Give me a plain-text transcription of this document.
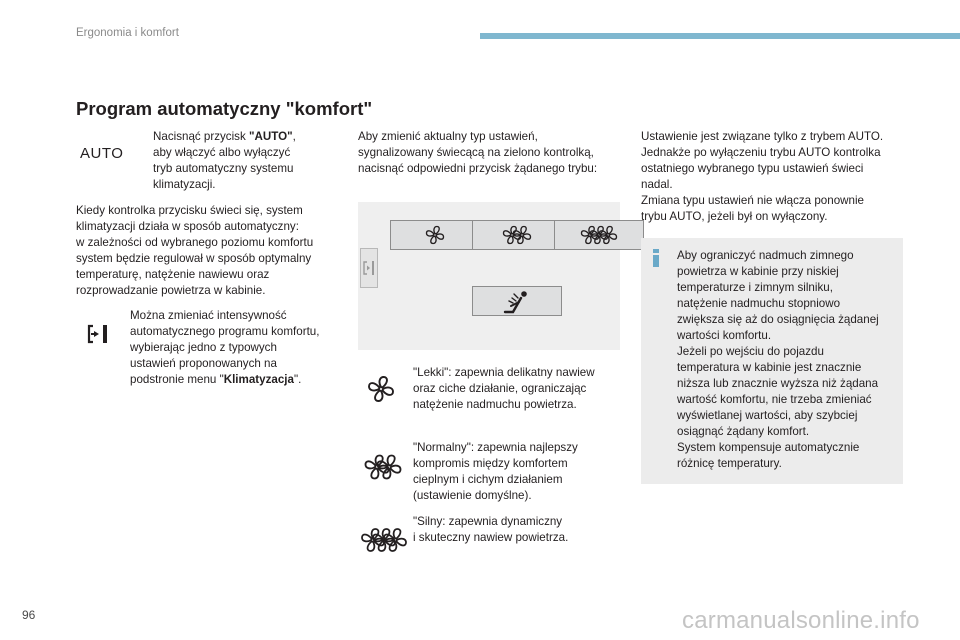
Ergonomia i komfort
Program automatyczny "komfort"
AUTO
Nacisnąć przycisk "AUTO",
aby włączyć albo wyłączyć
tryb automatyczny systemu
klimatyzacji.
Kiedy kontrolka przycisku świeci się, system
klimatyzacji działa w sposób automatyczny:
w zależności od wybranego poziomu komfortu
system będzie regulował w sposób optymalny
temperaturę, natężenie nawiewu oraz
rozprowadzanie powietrza w kabinie.
Można zmieniać intensywność
automatycznego programu komfortu,
wybierając jedno z typowych
ustawień proponowanych na
podstronie menu "Klimatyzacja".
Aby zmienić aktualny typ ustawień,
sygnalizowany świecącą na zielono kontrolką,
nacisnąć odpowiedni przycisk żądanego trybu:
"Lekki": zapewnia delikatny nawiew
oraz ciche działanie, ograniczając
natężenie nadmuchu powietrza.
"Normalny": zapewnia najlepszy
kompromis między komfortem
cieplnym i cichym działaniem
(ustawienie domyślne).
"Silny: zapewnia dynamiczny
i skuteczny nawiew powietrza.
Ustawienie jest związane tylko z trybem AUTO.
Jednakże po wyłączeniu trybu AUTO kontrolka
ostatniego wybranego typu ustawień świeci
nadal.
Zmiana typu ustawień nie włącza ponownie
trybu AUTO, jeżeli był on wyłączony.
Aby ograniczyć nadmuch zimnego
powietrza w kabinie przy niskiej
temperaturze i zimnym silniku,
natężenie nadmuchu stopniowo
zwiększa się aż do osiągnięcia żądanej
wartości komfortu.
Jeżeli po wejściu do pojazdu
temperatura w kabinie jest znacznie
niższa lub znacznie wyższa niż żądana
wartość komfortu, nie trzeba zmieniać
wyświetlanej wartości, aby szybciej
osiągnąć żądany komfort.
System kompensuje automatycznie
różnicę temperatury.
96	carmanualsonline.info
